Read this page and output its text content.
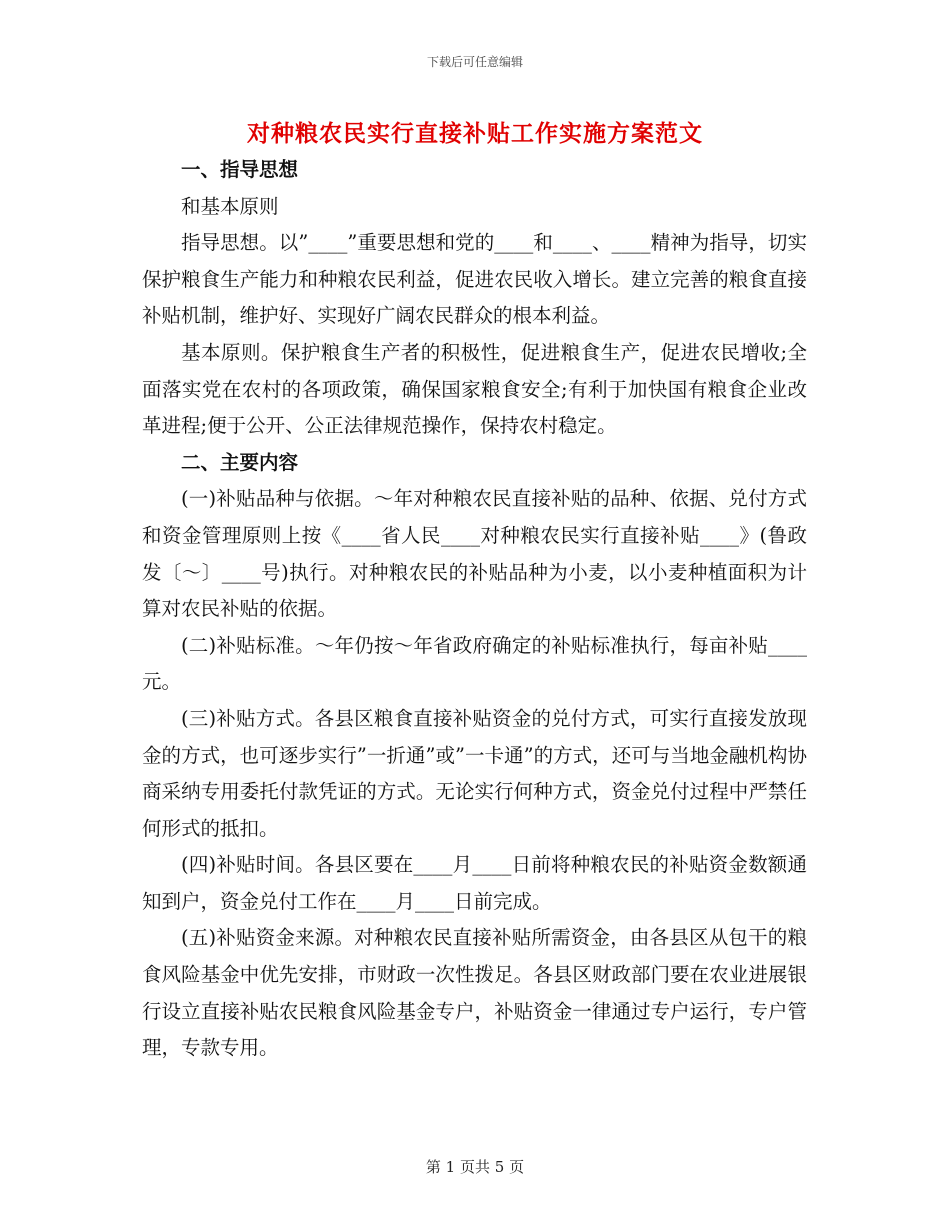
下载后可任意编辑
对种粮农民实行直接补贴工作实施方案范文
一、指导思想

和基本原则

指导思想。以”____”重要思想和党的____和____、____精神为指导，切实保护粮食生产能力和种粮农民利益，促进农民收入增长。建立完善的粮食直接补贴机制，维护好、实现好广阔农民群众的根本利益。

基本原则。保护粮食生产者的积极性，促进粮食生产，促进农民增收;全面落实党在农村的各项政策，确保国家粮食安全;有利于加快国有粮食企业改革进程;便于公开、公正法律规范操作，保持农村稳定。

二、主要内容

(一)补贴品种与依据。～年对种粮农民直接补贴的品种、依据、兑付方式和资金管理原则上按《____省人民____对种粮农民实行直接补贴____》(鲁政发〔～〕____号)执行。对种粮农民的补贴品种为小麦，以小麦种植面积为计算对农民补贴的依据。

(二)补贴标准。～年仍按～年省政府确定的补贴标准执行，每亩补贴____元。

(三)补贴方式。各县区粮食直接补贴资金的兑付方式，可实行直接发放现金的方式，也可逐步实行”一折通”或”一卡通”的方式，还可与当地金融机构协商采纳专用委托付款凭证的方式。无论实行何种方式，资金兑付过程中严禁任何形式的抵扣。

(四)补贴时间。各县区要在____月____日前将种粮农民的补贴资金数额通知到户，资金兑付工作在____月____日前完成。

(五)补贴资金来源。对种粮农民直接补贴所需资金，由各县区从包干的粮食风险基金中优先安排，市财政一次性拨足。各县区财政部门要在农业进展银行设立直接补贴农民粮食风险基金专户，补贴资金一律通过专户运行，专户管理，专款专用。

第 1 页共 5 页
